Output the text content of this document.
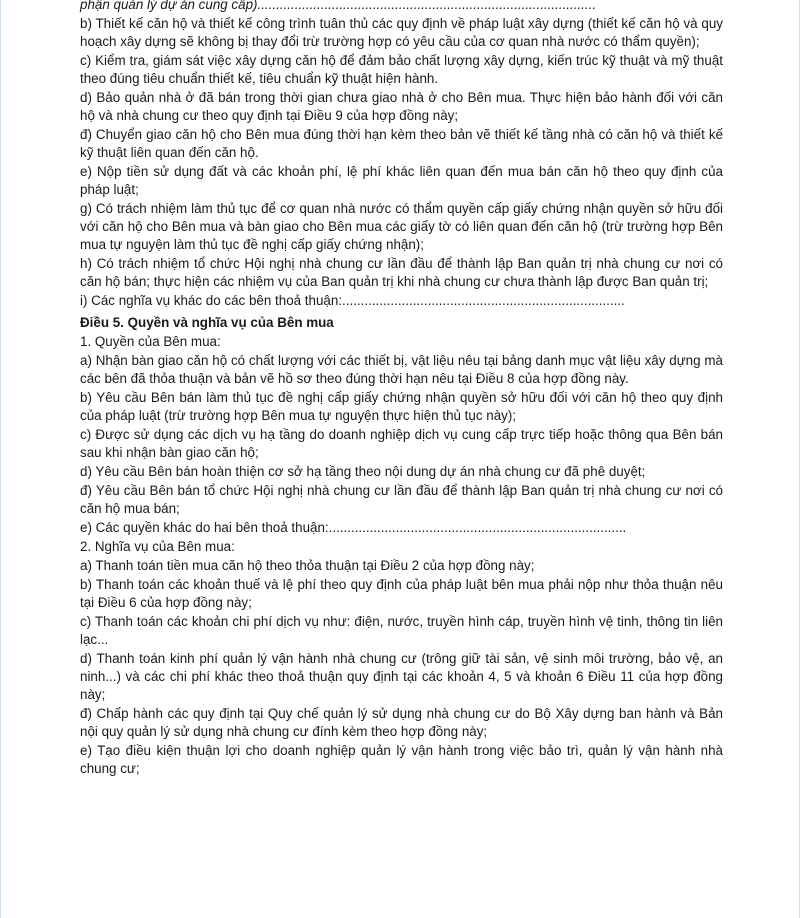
phận quản lý dự án cung cấp)...........................................................................................

b) Thiết kế căn hộ và thiết kế công trình tuân thủ các quy định về pháp luật xây dựng (thiết kế căn hộ và quy hoạch xây dựng sẽ không bị thay đổi trừ trường hợp có yêu cầu của cơ quan nhà nước có thẩm quyền);

c) Kiểm tra, giám sát việc xây dựng căn hộ để đảm bảo chất lượng xây dựng, kiến trúc kỹ thuật và mỹ thuật theo đúng tiêu chuẩn thiết kế, tiêu chuẩn kỹ thuật hiện hành.

d) Bảo quản nhà ở đã bán trong thời gian chưa giao nhà ở cho Bên mua. Thực hiện bảo hành đối với căn hộ và nhà chung cư theo quy định tại Điều 9 của hợp đồng này;

đ) Chuyển giao căn hộ cho Bên mua đúng thời hạn kèm theo bản vẽ thiết kế tầng nhà có căn hộ và thiết kế kỹ thuật liên quan đến căn hộ.

e) Nộp tiền sử dụng đất và các khoản phí, lệ phí khác liên quan đến mua bán căn hộ theo quy định của pháp luật;

g) Có trách nhiệm làm thủ tục để cơ quan nhà nước có thẩm quyền cấp giấy chứng nhận quyền sở hữu đối với căn hộ cho Bên mua và bàn giao cho Bên mua các giấy tờ có liên quan đến căn hộ (trừ trường hợp Bên mua tự nguyện làm thủ tục đề nghị cấp giấy chứng nhận);

h) Có trách nhiệm tổ chức Hội nghị nhà chung cư lần đầu để thành lập Ban quản trị nhà chung cư nơi có căn hộ bán; thực hiện các nhiệm vụ của Ban quản trị khi nhà chung cư chưa thành lập được Ban quản trị;

i) Các nghĩa vụ khác do các bên thoả thuận:............................................................................

Điều 5. Quyền và nghĩa vụ của Bên mua

1. Quyền của Bên mua:

a) Nhận bàn giao căn hộ có chất lượng với các thiết bị, vật liệu nêu tại bảng danh mục vật liệu xây dựng mà các bên đã thỏa thuận và bản vẽ hồ sơ theo đúng thời hạn nêu tại Điều 8 của hợp đồng này.

b) Yêu cầu Bên bán làm thủ tục đề nghị cấp giấy chứng nhận quyền sở hữu đối với căn hộ theo quy định của pháp luật (trừ trường hợp Bên mua tự nguyện thực hiện thủ tục này);

c) Được sử dụng các dịch vụ hạ tầng do doanh nghiệp dịch vụ cung cấp trực tiếp hoặc thông qua Bên bán sau khi nhận bàn giao căn hộ;

d) Yêu cầu Bên bán hoàn thiện cơ sở hạ tầng theo nội dung dự án nhà chung cư đã phê duyệt;

đ) Yêu cầu Bên bán tổ chức Hội nghị nhà chung cư lần đầu để thành lập Ban quản trị nhà chung cư nơi có căn hộ mua bán;

e) Các quyền khác do hai bên thoả thuận:................................................................................

2. Nghĩa vụ của Bên mua:

a) Thanh toán tiền mua căn hộ theo thỏa thuận tại Điều 2 của hợp đồng này;

b) Thanh toán các khoản thuế và lệ phí theo quy định của pháp luật bên mua phải nộp như thỏa thuận nêu tại Điều 6 của hợp đồng này;

c) Thanh toán các khoản chi phí dịch vụ như: điện, nước, truyền hình cáp, truyền hình vệ tinh, thông tin liên lạc...

d) Thanh toán kinh phí quản lý vận hành nhà chung cư (trông giữ tài sản, vệ sinh môi trường, bảo vệ, an ninh...) và các chi phí khác theo thoả thuận quy định tại các khoản 4, 5 và khoản 6 Điều 11 của hợp đồng này;

đ) Chấp hành các quy định tại Quy chế quản lý sử dụng nhà chung cư do Bộ Xây dựng ban hành và Bản nội quy quản lý sử dụng nhà chung cư đính kèm theo hợp đồng này;

e) Tạo điều kiện thuận lợi cho doanh nghiệp quản lý vận hành trong việc bảo trì, quản lý vận hành nhà chung cư;
